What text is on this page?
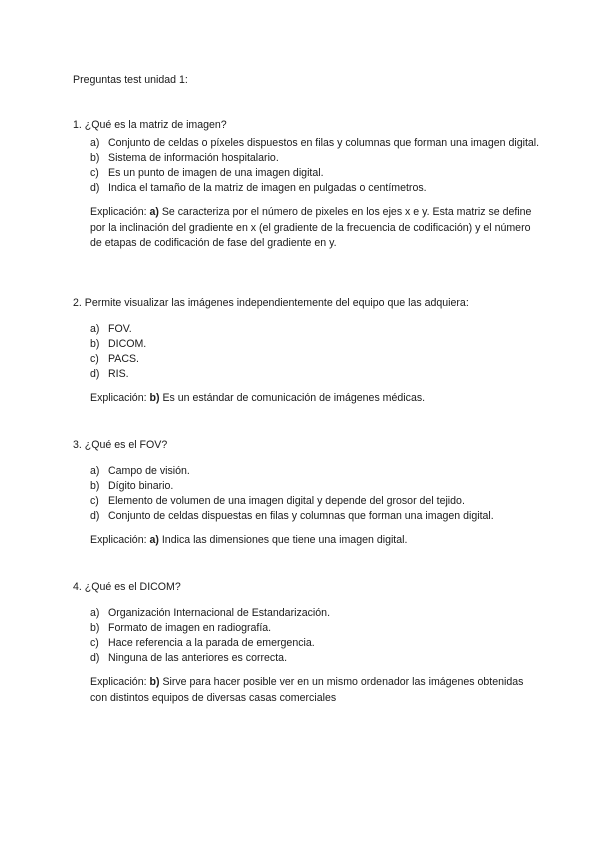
Preguntas test unidad 1:
1. ¿Qué es la matriz de imagen?
a) Conjunto de celdas o píxeles dispuestos en filas y columnas que forman una imagen digital.
b) Sistema de información hospitalario.
c) Es un punto de imagen de una imagen digital.
d) Indica el tamaño de la matriz de imagen en pulgadas o centímetros.
Explicación: a) Se caracteriza por el número de pixeles en los ejes x e y. Esta matriz se define por la inclinación del gradiente en x (el gradiente de la frecuencia de codificación) y el número de etapas de codificación de fase del gradiente en y.
2. Permite visualizar las imágenes independientemente del equipo que las adquiera:
a) FOV.
b) DICOM.
c) PACS.
d) RIS.
Explicación: b) Es un estándar de comunicación de imágenes médicas.
3. ¿Qué es el FOV?
a) Campo de visión.
b) Dígito binario.
c) Elemento de volumen de una imagen digital y depende del grosor del tejido.
d) Conjunto de celdas dispuestas en filas y columnas que forman una imagen digital.
Explicación: a) Indica las dimensiones que tiene una imagen digital.
4. ¿Qué es el DICOM?
a) Organización Internacional de Estandarización.
b) Formato de imagen en radiografía.
c) Hace referencia a la parada de emergencia.
d) Ninguna de las anteriores es correcta.
Explicación: b) Sirve para hacer posible ver en un mismo ordenador las imágenes obtenidas con distintos equipos de diversas casas comerciales
